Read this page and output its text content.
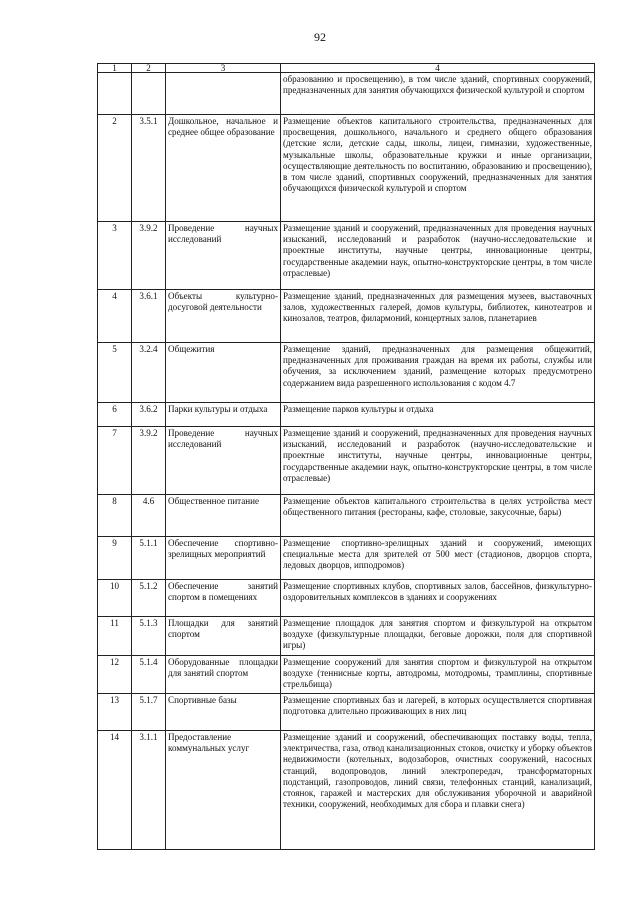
92
1	2	3	4
			образованию и просвещению), в том числе зданий, спортивных сооружений, предназначенных для занятия обучающихся физической культурой и спортом
2	3.5.1	Дошкольное, начальное и среднее общее образование	Размещение объектов капитального строительства, предназначенных для просвещения, дошкольного, начального и среднего общего образования (детские ясли, детские сады, школы, лицеи, гимназии, художественные, музыкальные школы, образовательные кружки и иные организации, осуществляющие деятельность по воспитанию, образованию и просвещению), в том числе зданий, спортивных сооружений, предназначенных для занятия обучающихся физической культурой и спортом
3	3.9.2	Проведение научных исследований	Размещение зданий и сооружений, предназначенных для проведения научных изысканий, исследований и разработок (научно-исследовательские и проектные институты, научные центры, инновационные центры, государственные академии наук, опытно-конструкторские центры, в том числе отраслевые)
4	3.6.1	Объекты культурно-досуговой деятельности	Размещение зданий, предназначенных для размещения музеев, выставочных залов, художественных галерей, домов культуры, библиотек, кинотеатров и кинозалов, театров, филармоний, концертных залов, планетариев
5	3.2.4	Общежития	Размещение зданий, предназначенных для размещения общежитий, предназначенных для проживания граждан на время их работы, службы или обучения, за исключением зданий, размещение которых предусмотрено содержанием вида разрешенного использования с кодом 4.7
6	3.6.2	Парки культуры и отдыха	Размещение парков культуры и отдыха
7	3.9.2	Проведение научных исследований	Размещение зданий и сооружений, предназначенных для проведения научных изысканий, исследований и разработок (научно-исследовательские и проектные институты, научные центры, инновационные центры, государственные академии наук, опытно-конструкторские центры, в том числе отраслевые)
8	4.6	Общественное питание	Размещение объектов капитального строительства в целях устройства мест общественного питания (рестораны, кафе, столовые, закусочные, бары)
9	5.1.1	Обеспечение спортивно-зрелищных мероприятий	Размещение спортивно-зрелищных зданий и сооружений, имеющих специальные места для зрителей от 500 мест (стадионов, дворцов спорта, ледовых дворцов, ипподромов)
10	5.1.2	Обеспечение занятий спортом в помещениях	Размещение спортивных клубов, спортивных залов, бассейнов, физкультурно-оздоровительных комплексов в зданиях и сооружениях
11	5.1.3	Площадки для занятий спортом	Размещение площадок для занятия спортом и физкультурой на открытом воздухе (физкультурные площадки, беговые дорожки, поля для спортивной игры)
12	5.1.4	Оборудованные площадки для занятий спортом	Размещение сооружений для занятия спортом и физкультурой на открытом воздухе (теннисные корты, автодромы, мотодромы, трамплины, спортивные стрельбища)
13	5.1.7	Спортивные базы	Размещение спортивных баз и лагерей, в которых осуществляется спортивная подготовка длительно проживающих в них лиц
14	3.1.1	Предоставление коммунальных услуг	Размещение зданий и сооружений, обеспечивающих поставку воды, тепла, электричества, газа, отвод канализационных стоков, очистку и уборку объектов недвижимости (котельных, водозаборов, очистных сооружений, насосных станций, водопроводов, линий электропередач, трансформаторных подстанций, газопроводов, линий связи, телефонных станций, канализаций, стоянок, гаражей и мастерских для обслуживания уборочной и аварийной техники, сооружений, необходимых для сбора и плавки снега)
